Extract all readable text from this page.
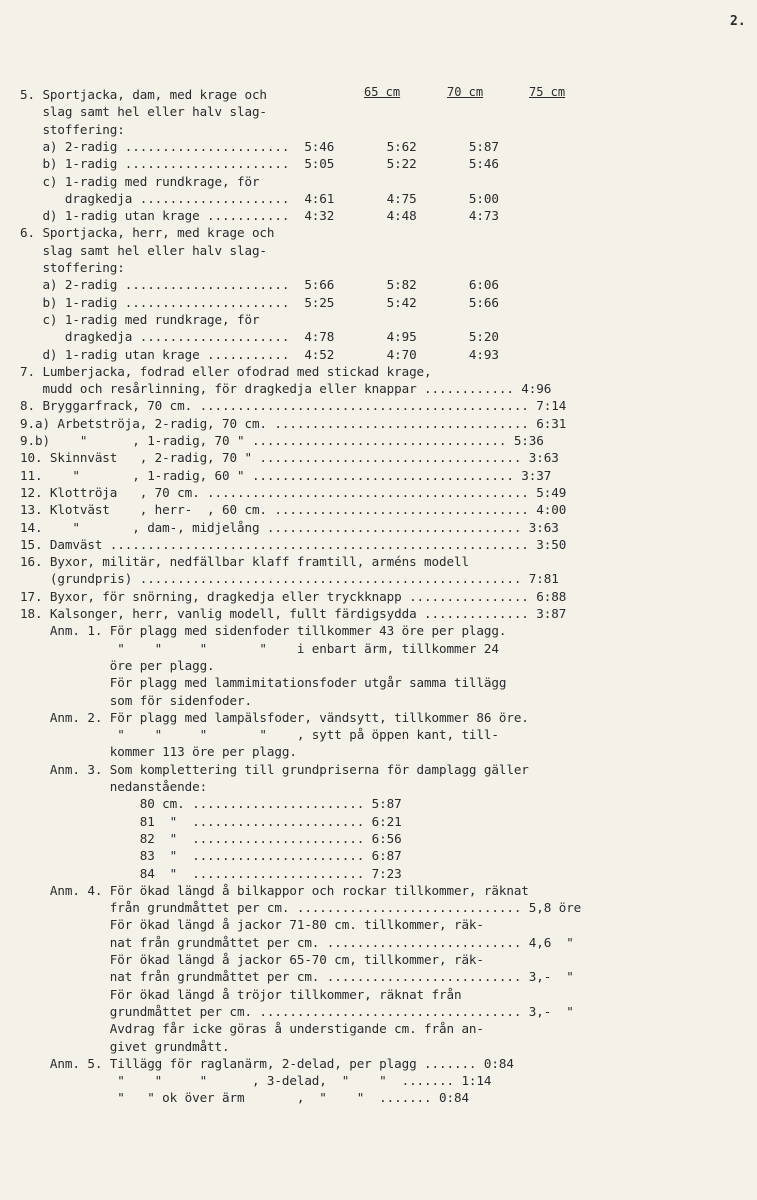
2.
65 cm	70 cm	75 cm
5. Sportjacka, dam, med krage och
slag samt hel eller halv slag-
stoffering:
a) 2-radig ......................  5:46       5:62       5:87
b) 1-radig ......................  5:05       5:22       5:46
c) 1-radig med rundkrage, för
dragkedja ....................  4:61       4:75       5:00
d) 1-radig utan krage ...........  4:32       4:48       4:73
6. Sportjacka, herr, med krage och
slag samt hel eller halv slag-
stoffering:
a) 2-radig ......................  5:66       5:82       6:06
b) 1-radig ......................  5:25       5:42       5:66
c) 1-radig med rundkrage, för
dragkedja ....................  4:78       4:95       5:20
d) 1-radig utan krage ...........  4:52       4:70       4:93
7. Lumberjacka, fodrad eller ofodrad med stickad krage,
mudd och resårlinning, för dragkedja eller knappar ............ 4:96
8. Bryggarfrack, 70 cm. ............................................ 7:14
9.a) Arbetströja, 2-radig, 70 cm. .................................. 6:31
9.b)    "      , 1-radig, 70 " .................................. 5:36
10. Skinnväst   , 2-radig, 70 " ................................... 3:63
11.    "       , 1-radig, 60 " ................................... 3:37
12. Klottröja   , 70 cm. ........................................... 5:49
13. Klotväst    , herr-  , 60 cm. .................................. 4:00
14.    "       , dam-, midjelång .................................. 3:63
15. Damväst ........................................................ 3:50
16. Byxor, militär, nedfällbar klaff framtill, arméns modell
(grundpris) ................................................... 7:81
17. Byxor, för snörning, dragkedja eller tryckknapp ................ 6:88
18. Kalsonger, herr, vanlig modell, fullt färdigsydda .............. 3:87
Anm. 1. För plagg med sidenfoder tillkommer 43 öre per plagg.
"    "     "       "    i enbart ärm, tillkommer 24
öre per plagg.
För plagg med lammimitationsfoder utgår samma tillägg
som för sidenfoder.
Anm. 2. För plagg med lampälsfoder, vändsytt, tillkommer 86 öre.
"    "     "       "    , sytt på öppen kant, till-
kommer 113 öre per plagg.
Anm. 3. Som komplettering till grundpriserna för damplagg gäller
nedanstående:
80 cm. ....................... 5:87
81  "  ....................... 6:21
82  "  ....................... 6:56
83  "  ....................... 6:87
84  "  ....................... 7:23
Anm. 4. För ökad längd å bilkappor och rockar tillkommer, räknat
från grundmåttet per cm. .............................. 5,8 öre
För ökad längd å jackor 71-80 cm. tillkommer, räk-
nat från grundmåttet per cm. .......................... 4,6  "
För ökad längd å jackor 65-70 cm, tillkommer, räk-
nat från grundmåttet per cm. .......................... 3,-  "
För ökad längd å tröjor tillkommer, räknat från
grundmåttet per cm. ................................... 3,-  "
Avdrag får icke göras å understigande cm. från an-
givet grundmått.
Anm. 5. Tillägg för raglanärm, 2-delad, per plagg ....... 0:84
"    "     "      , 3-delad,  "    "  ....... 1:14
"   " ok över ärm       ,  "    "  ....... 0:84
